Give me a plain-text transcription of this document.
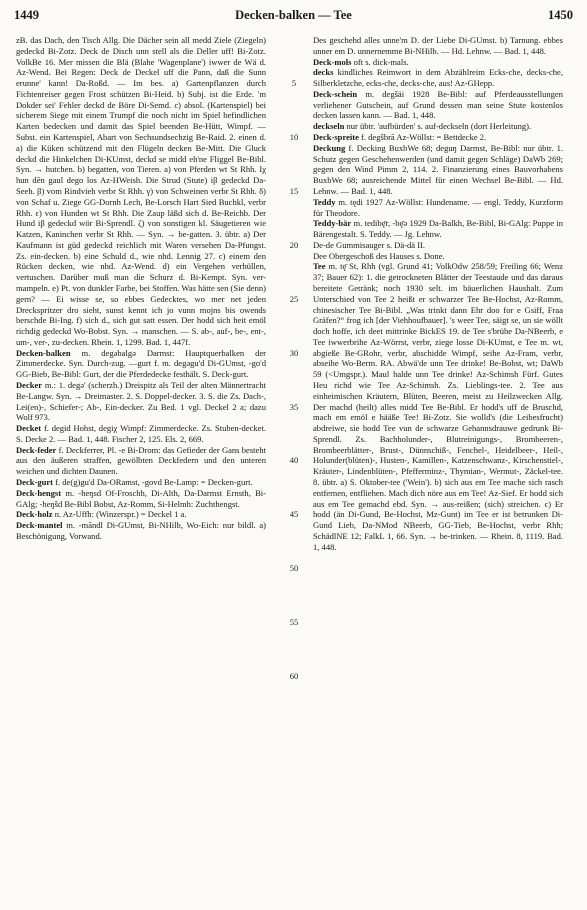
1449	Decken-balken — Tee	1450

zB. das Dach, den Tisch Allg. Die Dächer sein all medd Ziele (Ziegeln) gedeckd Bi-Zotz. Deck de Disch unn stell als die Deller uff! Bi-Zotz. VolkBe 16. Mer missen die Blä (Blahe 'Wagenplane') iwwer de Wä d. Az-Wend. Bei Regen: Deck de Deckel uff die Pann, daß die Sunn erunne' kann! Da-Roßd. — Im bes. a) Gartenpflanzen durch Fichtenreiser gegen Frost schützen Bi-Heid. b) Subj. ist die Erde. 'm Dokder sei' Fehler deckd de Böre Di-Semd. c) absol. (Kartenspiel) bei sicherem Siege mit einem Trumpf die noch nicht im Spiel befindlichen Karten bedecken und damit das Spiel beenden Be-Hütt, Wimpf. — Subst. ein Kartenspiel, Abart von Sechsundsechzig Be-Raid. 2. einen d. a) die Küken schützend mit den Flügeln decken Be-Mitt. Die Gluck deckd die Hinkelchen Di-KUmst, deckd se midd eh'ne Fliggel Be-Bibl. Syn. → hutchen. b) begatten, von Tieren. a) von Pferden wt St Rhh. Iχ hun dēn gaul dego los Az-HWeish. Die Strud (Stute) iβ gedeckd Da-Seeh. β) vom Rindvieh verbr St Rhh. γ) von Schweinen verbr St Rhh. δ) von Schaf u. Ziege GG-Dornh Lech, Be-Lorsch Hart Sied Buchkl, verbr Rhh. ε) von Hunden wt St Rhh. Die Zaup läßd sich d. Be-Reichb. Der Hund iβ gedeckd wör Bi-Sprendl. ζ) von sonstigen kl. Säugetieren wie Katzen, Kaninchen verbr St Rhh. — Syn. → be-gatten. 3. übtr. a) Der Kaufmann ist güd gedeckd reichlich mit Waren versehen Da-Pfungst. Zs. ein-decken. b) eine Schuld d., wie nhd. Lennig 27. c) einem den Rücken decken, wie nhd. Az-Wend. d) ein Vergehen verhüllen, vertuschen. Darüber muß man die Schurz d. Bi-Kempt. Syn. ver-mampeln. e) Pt. von dunkler Farbe, bei Stoffen. Was hätte sen (Sie denn) gern? — Ei wisse se, so ebbes Gedecktes, wo mer net jeden Dreckspritzer dro sieht, sunst kennt ich jo vunn mojns bis owends berschde Bi-Ing. f) sich d., sich gut satt essen. Der hodd sich heit emöl richdig gedeckd Wo-Bobst. Syn. → manschen. — S. ab-, auf-, be-, ent-, um-, ver-, zu-decken. Rhein. 1, 1299. Bad. 1, 447f.

Decken-balken m. degəbalgə Darmst: Hauptquerbalken der Zimmerdecke. Syn. Durch-zug. —gurt f. m. degəgu'd Di-GUmst, -go'd GG-Bieb, Be-Bibl: Gurt, der die Pferdedecke festhält. S. Deck-gurt.

Decker m.: 1. degə' (scherzh.) Dreispitz als Teil der alten Männertracht Be-Langw. Syn. → Dreimaster. 2. S. Doppel-decker. 3. S. die Zs. Dach-, Lei(en)-, Schiefer-; Ab-, Ein-decker. Zu Bed. 1 vgl. Deckel 2 a; dazu Wolf 973.

Decket f. degid Hohst, degiχ Wimpf: Zimmerdecke. Zs. Stuben-decket. S. Decke 2. — Bad. 1, 448. Fischer 2, 125. Els. 2, 669.

Deck-feder f. Deckferrer, Pl. -e Bi-Drom: das Gefieder der Gans besteht aus den äußeren straffen, gewölbten Deckfedern und den unteren weichen und dichten Daunen.

Deck-gurt f. de(g)gu'd Da-ORamst, -govd Be-Lamp: = Decken-gurt.

Deck-hengst m. -heŋsd Of-Froschh, Di-Alth, Da-Darmst Ernsth, Bi-GAlg; -heŋšd Be-Bibl Bobst, Az-Romm, Si-Helmh: Zuchthengst.

Deck-holz n. Az-Uffh: (Winzerspr.) = Deckel 1 a.

Deck-mantel m. -mãndl Di-GUmst, Bi-NHilb, Wo-Eich: nur bildl. a) Beschönigung, Vorwand.

5
10
15
20
25
30
35
40
45
50
55
60

Des geschehd alles unne'm D. der Liebe Di-GUmst. b) Tarnung. ebbes unner em D. unnernemme Bi-NHilb. — Hd. Lehnw. — Bad. 1, 448.

Deck-mols oft s. dick-mals.

decks kindliches Reimwort in dem Abzählreim Ecks-che, decks-che, Silberkletzche, ecks-che, decks-che, aus! Az-GHepp.

Deck-schein m. degšäi 1928 Be-Bibl: auf Pferdeausstellungen verliehener Gutschein, auf Grund dessen man seine Stute kostenlos decken lassen kann. — Bad. 1, 448.

deckseln nur übtr. 'aufbürden' s. auf-deckseln (dort Herleitung).

Deck-spreite f. degšbrā Az-Wöllst: = Bettdecke 2.

Deckung f. Decking BuxbWe 68; deguŋ Darmst, Be-Bibl: nur übtr. 1. Schutz gegen Geschehenwerden (und damit gegen Schläge) DaWb 269; gegen den Wind Pimm 2, 114. 2. Finanzierung eines Bauvorhabens BuxbWe 68; ausreichende Mittel für einen Wechsel Be-Bibl. — Hd. Lehnw. — Bad. 1, 448.

Teddy m. tędi 1927 Az-Wöllst: Hundename. — engl. Teddy, Kurzform für Theodore.

Teddy-bär m. tedibę̄r, -bę̄ə 1929 Da-Balkh, Be-Bibl, Bi-GAlg: Puppe in Bärengestalt. S. Teddy. — Jg. Lehnw.

De-de Gummisauger s. Dä-dä II.

Dee Obergeschoß des Hauses s. Done.

Tee m. tę̄ St, Rhh (vgl. Grund 41; VolkOdw 258/59; Freiling 66; Wenz 37; Bauer 62): 1. die getrockneten Blätter der Teestaude und das daraus bereitete Getränk; noch 1930 selt. im bäuerlichen Haushalt. Zum Unterschied von Tee 2 heißt er schwarzer Tee Be-Hochst, Az-Romm, chinesischer Tee Bi-Bibl. „Was trinkt dann Ehr doo for e Gsiff, Fraa Gräfen?“ frog ich [der Viehhoufbauer]. 's weer Tee, säigt se, un sie wöllt doch hoffe, ich deet mittrinke BickES 19. de Tee s'brühe Da-NBeerb, e Tee iwwerbrihe Az-Wörrst, verbr, ziege losse Di-KUmst, e Tee m. wt, abgieße Be-GRohr, verbr, abschidde Wimpf, seihe Az-Fram, verbr, abseihe Wo-Berm. RA. Abwä'de unn Tee drinke! Be-Bobst, wt; DaWb 59 (<Umgspr.). Maul halde unn Tee drinke! Az-Schimsh Fürf. Gutes Heu richd wie Tee Az-Schimsh. Zs. Lieblings-tee. 2. Tee aus einheimischen Kräutern, Blüten, Beeren, meist zu Heilzwecken Allg. Der machd (heilt) alles midd Tee Be-Bibl. Er hodd's uff de Bruschd, mach em emöl e hääße Tee! Bi-Zotz. Sie wolld's (die Leibesfrucht) abdreiwe, sie hodd Tee vun de schwarze Gehannsdrauwe gedrunk Bi-Sprendl. Zs. Bachholunder-, Blutreinigungs-, Brombeeren-, Brombeerblätter-, Brust-, Dünnschiß-, Fenchel-, Heidelbeer-, Heil-, Holunder(blüten)-, Husten-, Kamillen-, Katzenschwanz-, Kirschenstiel-, Kräuter-, Lindenblüten-, Pfefferminz-, Thymian-, Wermut-, Zäckel-tee. 8. übtr. a) S. Oktober-tee ('Wein'). b) sich aus em Tee mache sich rasch entfernen, entfliehen. Mach dich nöre aus em Tee! Az-Sief. Er hodd sich aus em Tee gemachd ebd. Syn. → aus-reißen; (sich) streichen. c) Er hodd (än Di-Gund, Be-Hochst, Mz-Gunt) im Tee er ist betrunken Di-Gund Lieb, Da-NMod NBeerb, GG-Tieb, Be-Hochst, verbr Rhh; SchädlNE 12; FalkL 1, 66. Syn. → be-trinken. — Rhein. 8, 1119. Bad. 1, 448.
